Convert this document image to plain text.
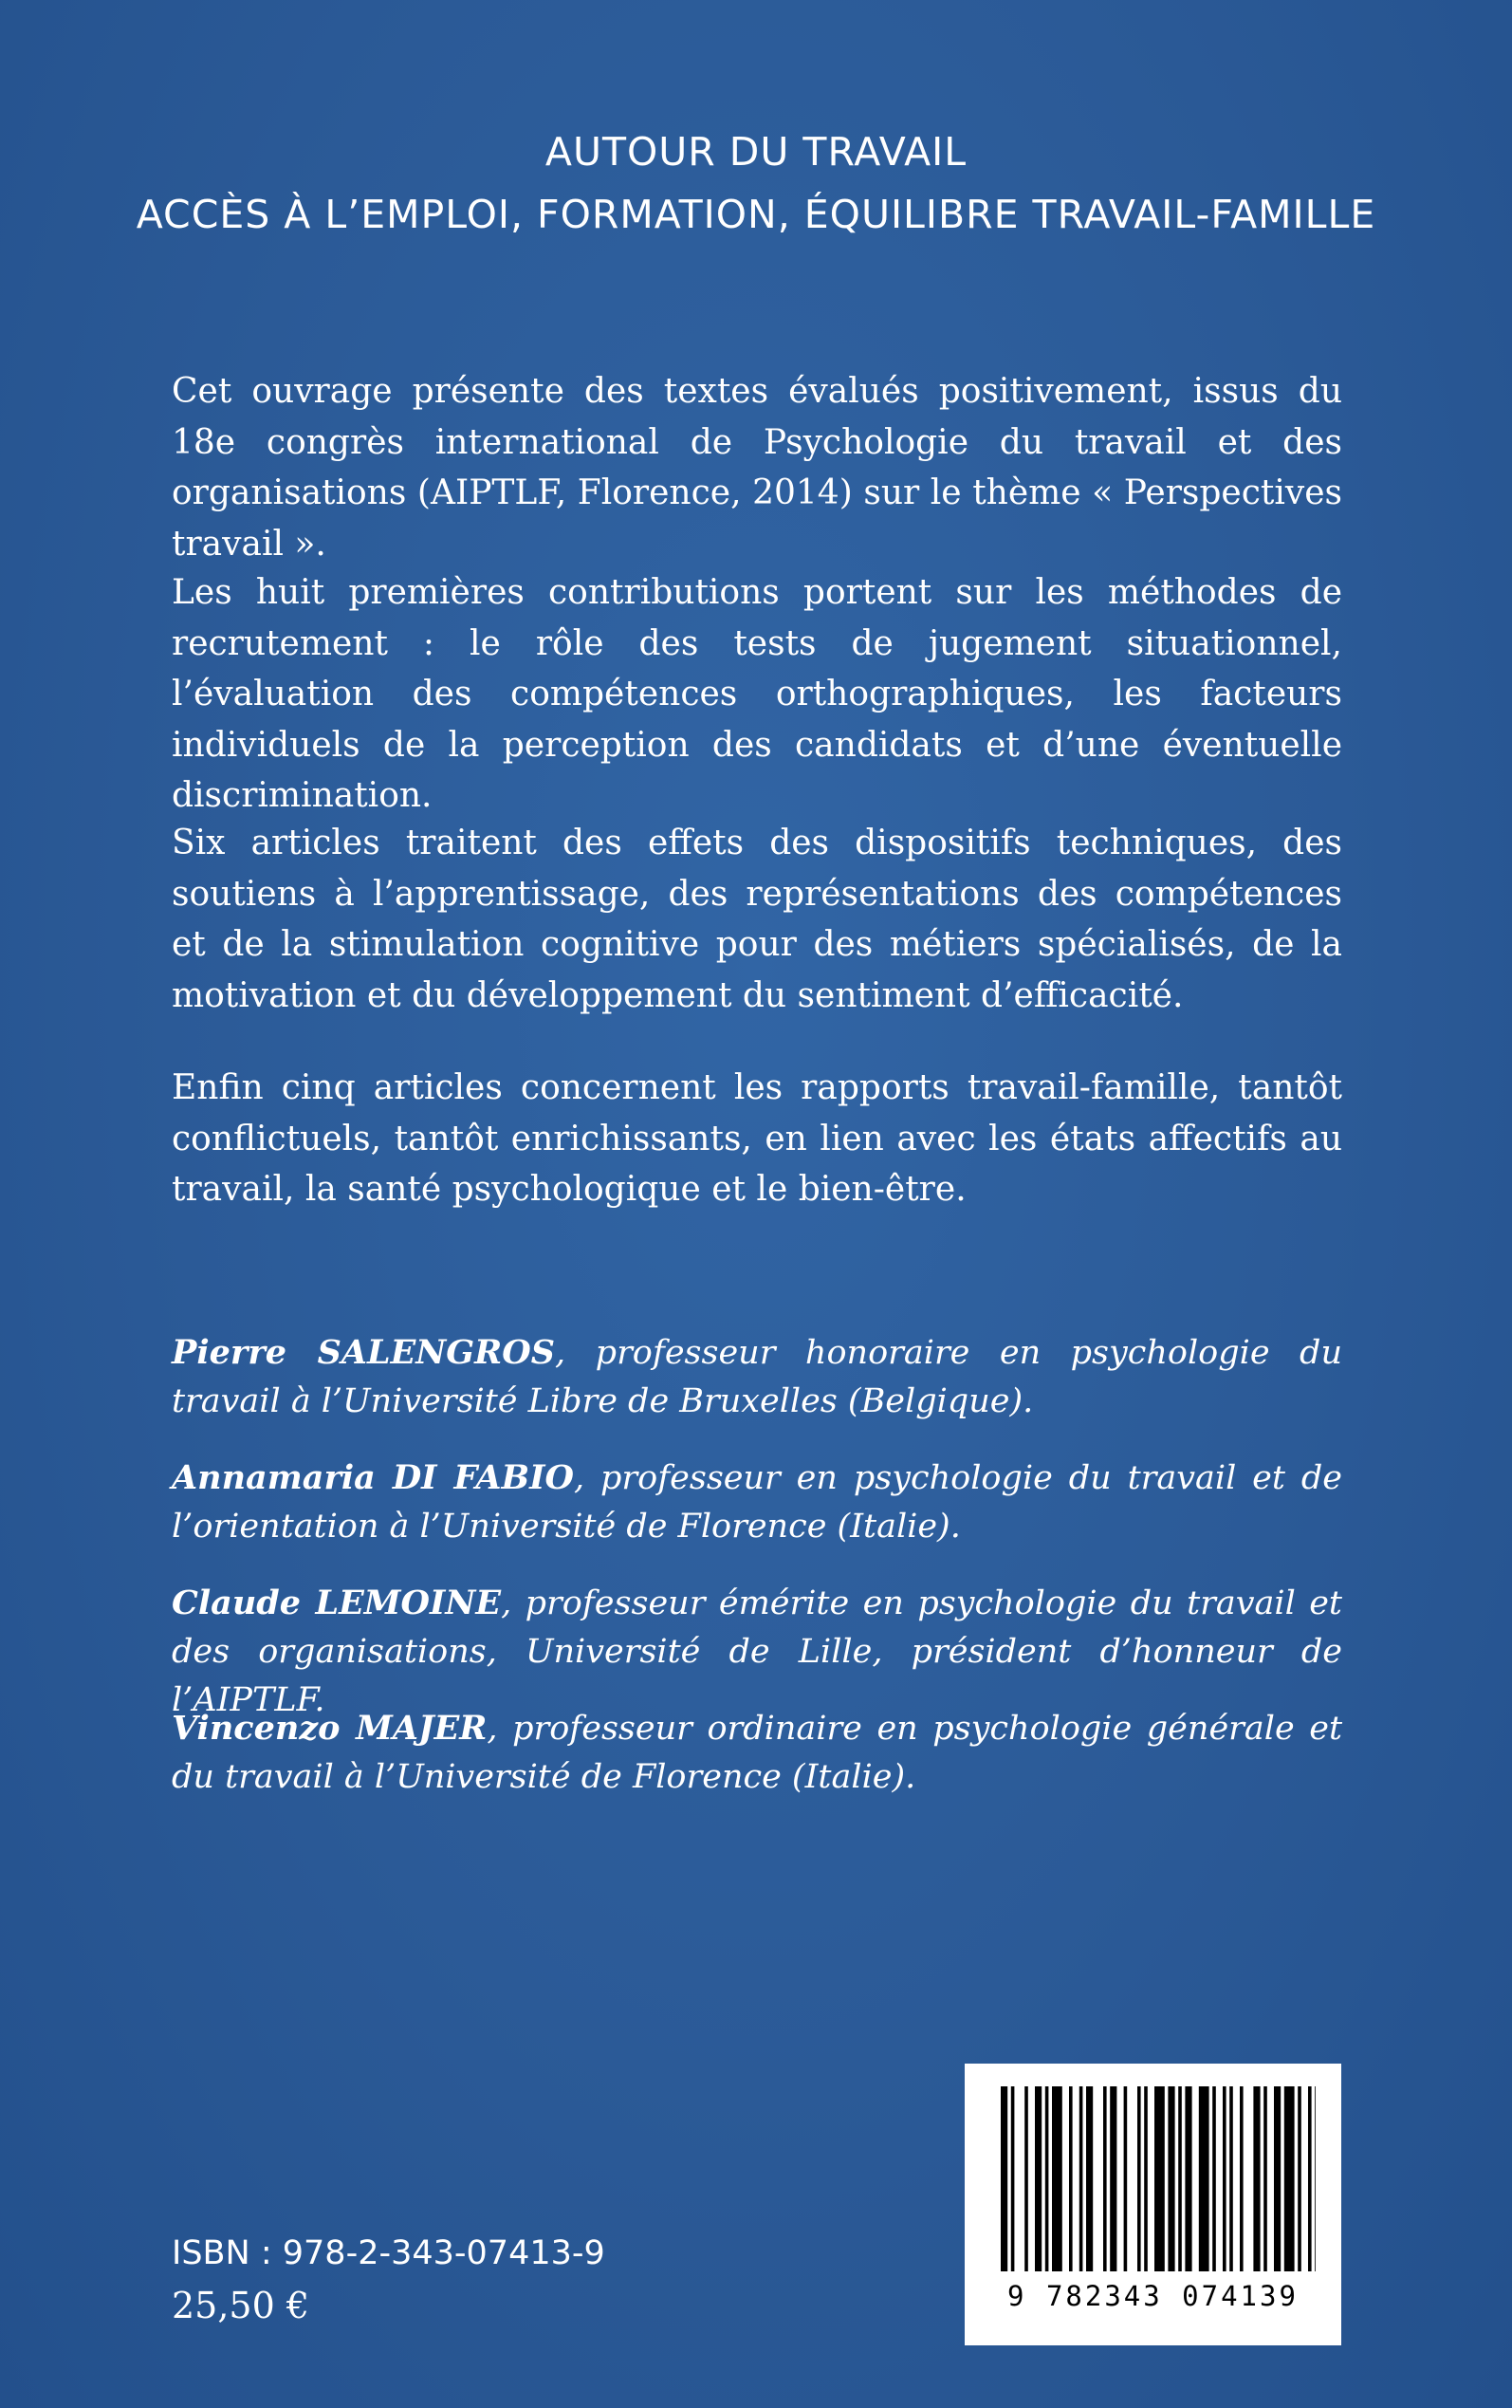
AUTOUR DU TRAVAIL
ACCÈS À L’EMPLOI, FORMATION, ÉQUILIBRE TRAVAIL-FAMILLE

Cet ouvrage présente des textes évalués positivement, issus du 18e congrès international de Psychologie du travail et des organisations (AIPTLF, Florence, 2014) sur le thème « Perspectives travail ».

Les huit premières contributions portent sur les méthodes de recrutement : le rôle des tests de jugement situationnel, l’évaluation des compétences orthographiques, les facteurs individuels de la perception des candidats et d’une éventuelle discrimination.

Six articles traitent des effets des dispositifs techniques, des soutiens à l’apprentissage, des représentations des compétences et de la stimulation cognitive pour des métiers spécialisés, de la motivation et du développement du sentiment d’efficacité.

Enfin cinq articles concernent les rapports travail-famille, tantôt conflictuels, tantôt enrichissants, en lien avec les états affectifs au travail, la santé psychologique et le bien-être.

Pierre SALENGROS, professeur honoraire en psychologie du travail à l’Université Libre de Bruxelles (Belgique).

Annamaria DI FABIO, professeur en psychologie du travail et de l’orientation à l’Université de Florence (Italie).

Claude LEMOINE, professeur émérite en psychologie du travail et des organisations, Université de Lille, président d’honneur de l’AIPTLF.

Vincenzo MAJER, professeur ordinaire en psychologie générale et du travail à l’Université de Florence (Italie).

ISBN : 978-2-343-07413-9
25,50 €	9 782343 074139
